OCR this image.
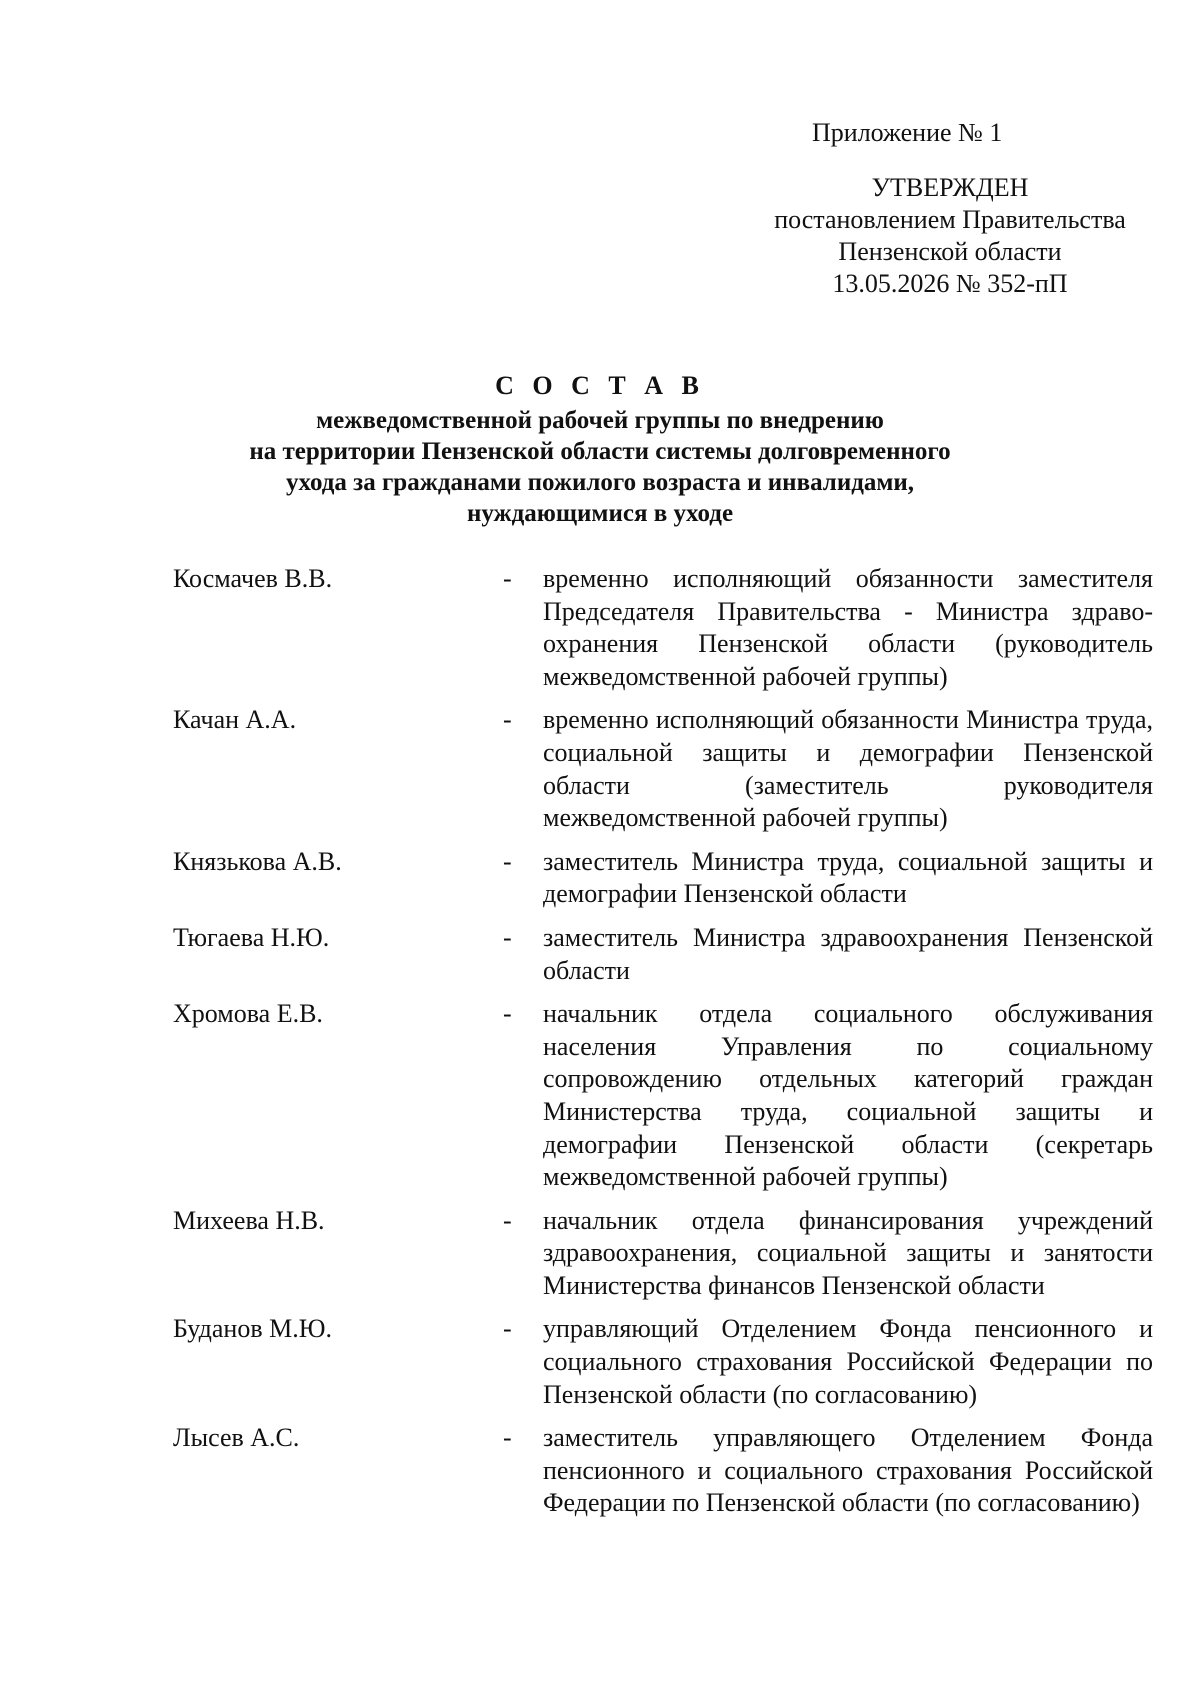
Приложение № 1
УТВЕРЖДЕН
постановлением Правительства
Пензенской области
13.05.2026 № 352-пП
С О С Т А В
межведомственной рабочей группы по внедрению
на территории Пензенской области системы долговременного
ухода за гражданами пожилого возраста и инвалидами,
нуждающимися в уходе
Космачев В.В.	-	временно исполняющий обязанности заместителя Председателя Правительства - Министра здравоохранения Пензенской области (руководитель межведомственной рабочей группы)
Качан А.А.	-	временно исполняющий обязанности Министра труда, социальной защиты и демографии Пензенской области (заместитель руководителя межведомственной рабочей группы)
Князькова А.В.	-	заместитель Министра труда, социальной защиты и демографии Пензенской области
Тюгаева Н.Ю.	-	заместитель Министра здравоохранения Пензенской области
Хромова Е.В.	-	начальник отдела социального обслуживания населения Управления по социальному сопровождению отдельных категорий граждан Министерства труда, социальной защиты и демографии Пензенской области (секретарь межведомственной рабочей группы)
Михеева Н.В.	-	начальник отдела финансирования учреждений здравоохранения, социальной защиты и занятости Министерства финансов Пензенской области
Буданов М.Ю.	-	управляющий Отделением Фонда пенсионного и социального страхования Российской Федерации по Пензенской области (по согласованию)
Лысев А.С.	-	заместитель управляющего Отделением Фонда пенсионного и социального страхования Российской Федерации по Пензенской области (по согласованию)
